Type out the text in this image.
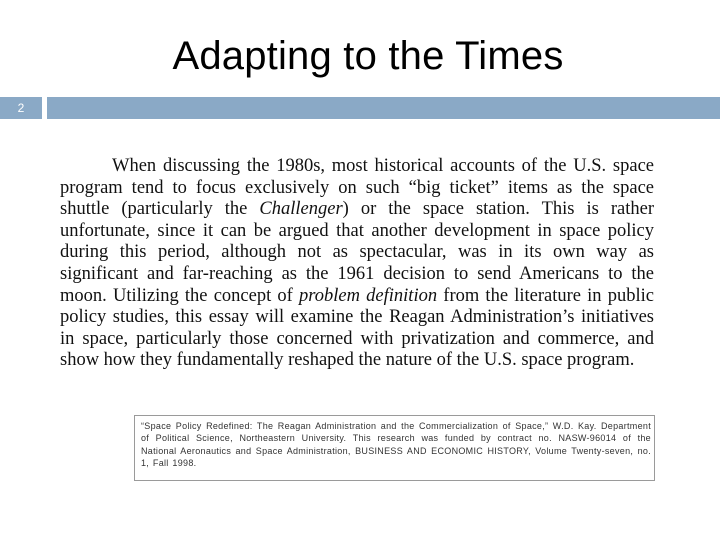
Adapting to the Times
2
When discussing the 1980s, most historical accounts of the U.S. space program tend to focus exclusively on such “big ticket” items as the space shuttle (particularly the Challenger) or the space station. This is rather unfortunate, since it can be argued that another development in space policy during this period, although not as spectacular, was in its own way as significant and far-reaching as the 1961 decision to send Americans to the moon. Utilizing the concept of problem definition from the literature in public policy studies, this essay will examine the Reagan Administration’s initiatives in space, particularly those concerned with privatization and commerce, and show how they fundamentally reshaped the nature of the U.S. space program.
“Space Policy Redefined: The Reagan Administration and the Commercialization of Space,” W.D. Kay. Department of Political Science, Northeastern University. This research was funded by contract no. NASW-96014 of the National Aeronautics and Space Administration, BUSINESS AND ECONOMIC HISTORY, Volume Twenty-seven, no. 1, Fall 1998.
